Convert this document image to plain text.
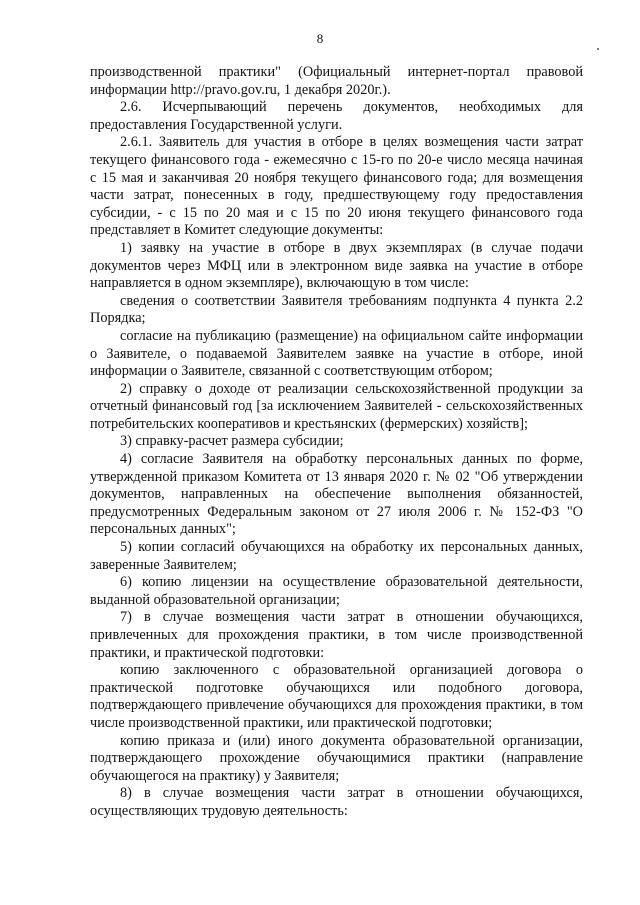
8

производственной практики" (Официальный интернет-портал правовой информации http://pravo.gov.ru, 1 декабря 2020г.).

2.6. Исчерпывающий перечень документов, необходимых для предоставления Государственной услуги.

2.6.1. Заявитель для участия в отборе в целях возмещения части затрат текущего финансового года - ежемесячно с 15-го по 20-е число месяца начиная с 15 мая и заканчивая 20 ноября текущего финансового года; для возмещения части затрат, понесенных в году, предшествующему году предоставления субсидии, - с 15 по 20 мая и с 15 по 20 июня текущего финансового года представляет в Комитет следующие документы:

1) заявку на участие в отборе в двух экземплярах (в случае подачи документов через МФЦ или в электронном виде заявка на участие в отборе направляется в одном экземпляре), включающую в том числе:

сведения о соответствии Заявителя требованиям подпункта 4 пункта 2.2 Порядка;

согласие на публикацию (размещение) на официальном сайте информации о Заявителе, о подаваемой Заявителем заявке на участие в отборе, иной информации о Заявителе, связанной с соответствующим отбором;

2) справку о доходе от реализации сельскохозяйственной продукции за отчетный финансовый год [за исключением Заявителей - сельскохозяйственных потребительских кооперативов и крестьянских (фермерских) хозяйств];

3) справку-расчет размера субсидии;

4) согласие Заявителя на обработку персональных данных по форме, утвержденной приказом Комитета от 13 января 2020 г. № 02 "Об утверждении документов, направленных на обеспечение выполнения обязанностей, предусмотренных Федеральным законом от 27 июля 2006 г. № 152-ФЗ "О персональных данных";

5) копии согласий обучающихся на обработку их персональных данных, заверенные Заявителем;

6) копию лицензии на осуществление образовательной деятельности, выданной образовательной организации;

7) в случае возмещения части затрат в отношении обучающихся, привлеченных для прохождения практики, в том числе производственной практики, и практической подготовки:

копию заключенного с образовательной организацией договора о практической подготовке обучающихся или подобного договора, подтверждающего привлечение обучающихся для прохождения практики, в том числе производственной практики, или практической подготовки;

копию приказа и (или) иного документа образовательной организации, подтверждающего прохождение обучающимися практики (направление обучающегося на практику) у Заявителя;

8) в случае возмещения части затрат в отношении обучающихся, осуществляющих трудовую деятельность:
